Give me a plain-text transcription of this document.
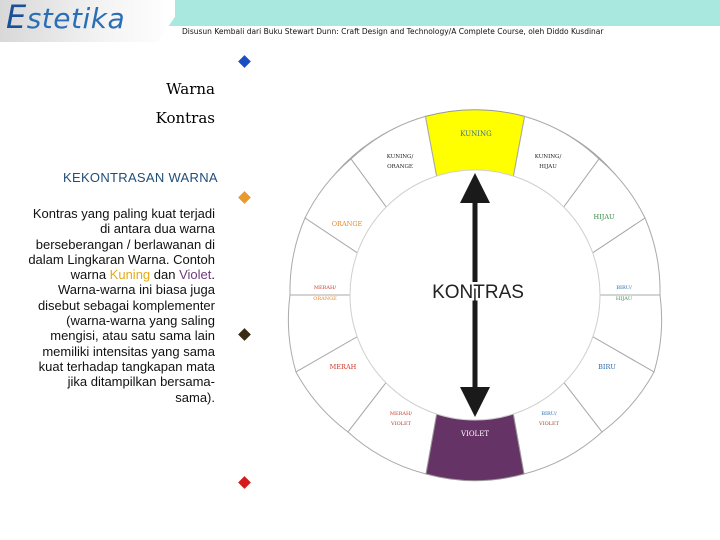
Estetika	Disusun Kembali dari Buku Stewart Dunn: Craft Design and Technology/A Complete Course, oleh Diddo Kusdinar
Warna
Kontras
KEKONTRASAN WARNA
Kontras yang paling kuat terjadi di antara dua warna berseberangan / berlawanan di dalam Lingkaran Warna. Contoh warna Kuning dan Violet. Warna-warna ini biasa juga disebut sebagai komplementer (warna-warna yang saling mengisi, atau satu sama lain memiliki intensitas yang sama kuat terhadap tangkapan mata jika ditampilkan bersama-sama).
KONTRAS
KUNING
KUNING/
ORANGE
KUNING/
HIJAU
ORANGE
HIJAU
MERAH/
ORANGE
BIRU/
HIJAU
MERAH	BIRU
MERAH/
VIOLET
BIRU/
VIOLET
VIOLET
